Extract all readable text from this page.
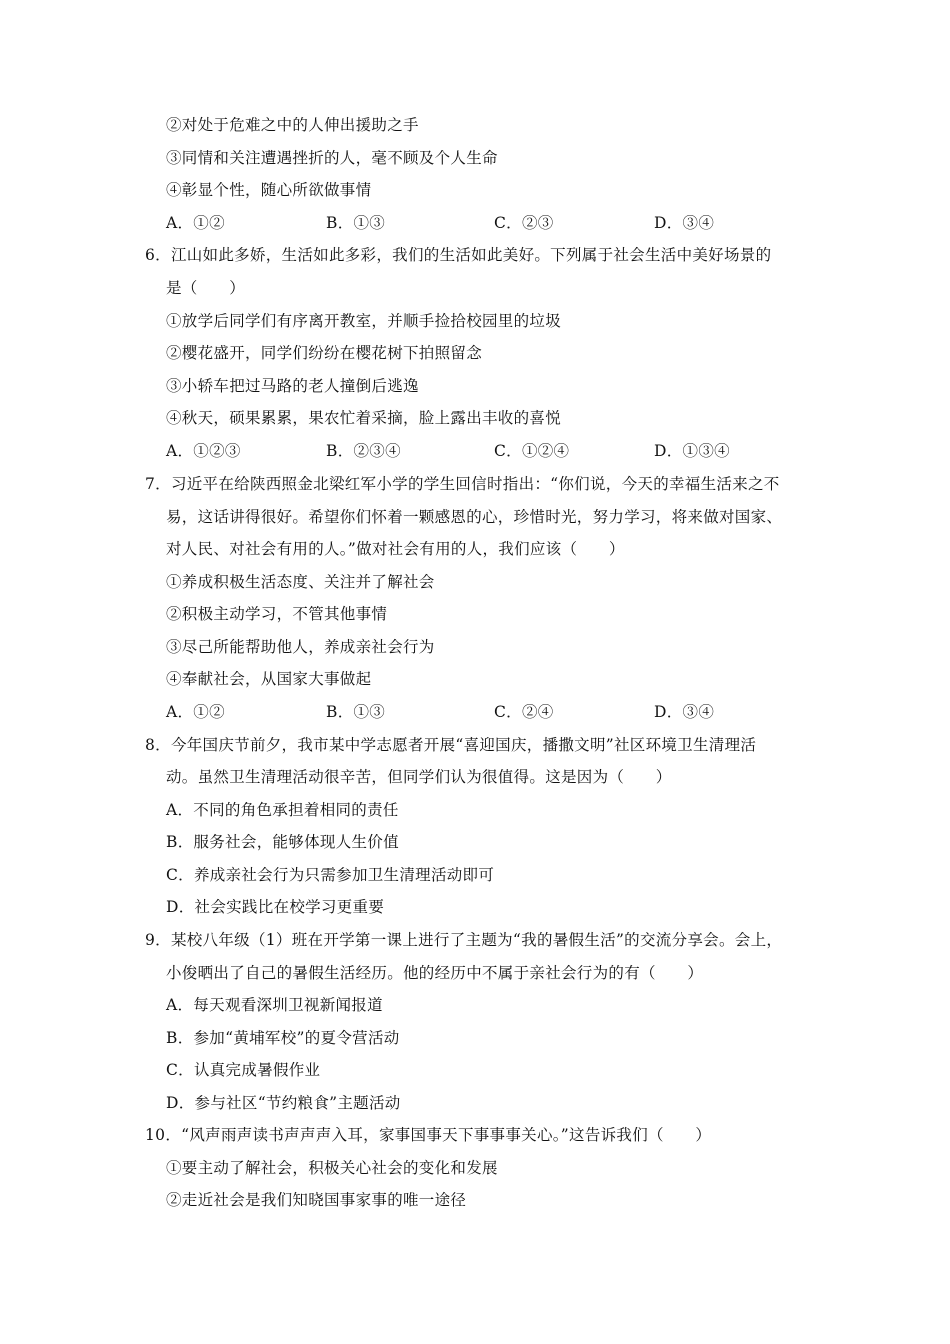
②对处于危难之中的人伸出援助之手
③同情和关注遭遇挫折的人，毫不顾及个人生命
④彰显个性，随心所欲做事情
A．①②	B．①③	C．②③	D．③④
6．江山如此多娇，生活如此多彩，我们的生活如此美好。下列属于社会生活中美好场景的
是（　　）
①放学后同学们有序离开教室，并顺手捡拾校园里的垃圾
②樱花盛开，同学们纷纷在樱花树下拍照留念
③小轿车把过马路的老人撞倒后逃逸
④秋天，硕果累累，果农忙着采摘，脸上露出丰收的喜悦
A．①②③	B．②③④	C．①②④	D．①③④
7．习近平在给陕西照金北梁红军小学的学生回信时指出：“你们说，今天的幸福生活来之不
易，这话讲得很好。希望你们怀着一颗感恩的心，珍惜时光，努力学习，将来做对国家、
对人民、对社会有用的人。”做对社会有用的人，我们应该（　　）
①养成积极生活态度、关注并了解社会
②积极主动学习，不管其他事情
③尽己所能帮助他人，养成亲社会行为
④奉献社会，从国家大事做起
A．①②	B．①③	C．②④	D．③④
8．今年国庆节前夕，我市某中学志愿者开展“喜迎国庆，播撒文明”社区环境卫生清理活
动。虽然卫生清理活动很辛苦，但同学们认为很值得。这是因为（　　）
A．不同的角色承担着相同的责任
B．服务社会，能够体现人生价值
C．养成亲社会行为只需参加卫生清理活动即可
D．社会实践比在校学习更重要
9．某校八年级（1）班在开学第一课上进行了主题为“我的暑假生活”的交流分享会。会上，
小俊晒出了自己的暑假生活经历。他的经历中不属于亲社会行为的有（　　）
A．每天观看深圳卫视新闻报道
B．参加“黄埔军校”的夏令营活动
C．认真完成暑假作业
D．参与社区“节约粮食”主题活动
10．“风声雨声读书声声声入耳，家事国事天下事事事关心。”这告诉我们（　　）
①要主动了解社会，积极关心社会的变化和发展
②走近社会是我们知晓国事家事的唯一途径
